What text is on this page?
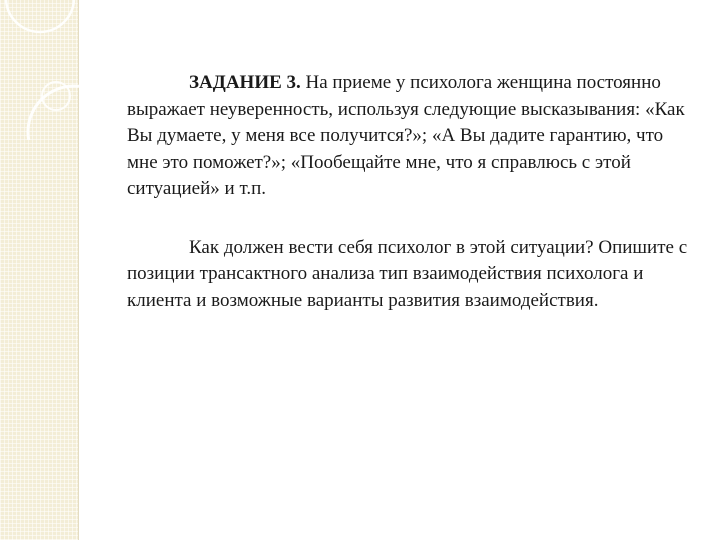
ЗАДАНИЕ 3. На приеме у психолога женщина постоянно выражает неуверенность, используя следующие высказывания: «Как Вы думаете, у меня все получится?»; «А Вы дадите гарантию, что мне это поможет?»; «Пообещайте мне, что я справлюсь с этой ситуацией» и т.п.

Как должен вести себя психолог в этой ситуации? Опишите с позиции трансактного анализа тип взаимодействия психолога и клиента и возможные варианты развития взаимодействия.
